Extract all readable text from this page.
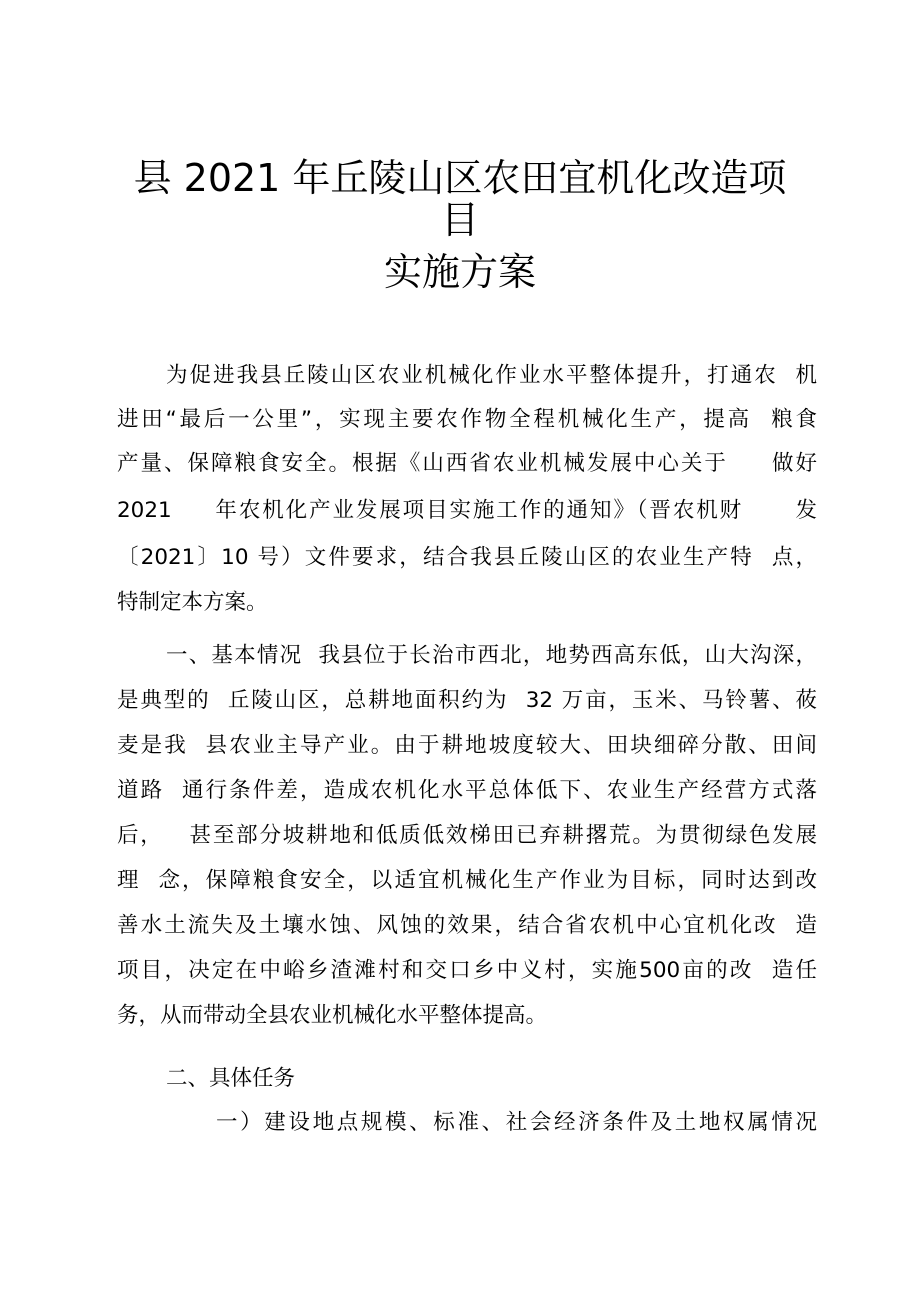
县 2021 年丘陵山区农田宜机化改造项
目
实施方案
为促进我县丘陵山区农业机械化作业水平整体提升，打通农  机
进田“最后一公里”，实现主要农作物全程机械化生产，提高  粮食
产量、保障粮食安全。根据《山西省农业机械发展中心关于     做好
2021     年农机化产业发展项目实施工作的通知》（晋农机财      发
〔2021〕10 号）文件要求，结合我县丘陵山区的农业生产特  点，
特制定本方案。
一、基本情况  我县位于长治市西北，地势西高东低，山大沟深，
是典型的  丘陵山区，总耕地面积约为  32 万亩，玉米、马铃薯、莜
麦是我  县农业主导产业。由于耕地坡度较大、田块细碎分散、田间
道路  通行条件差，造成农机化水平总体低下、农业生产经营方式落
后，   甚至部分坡耕地和低质低效梯田已弃耕撂荒。为贯彻绿色发展
理  念，保障粮食安全，以适宜机械化生产作业为目标，同时达到改
善水土流失及土壤水蚀、风蚀的效果，结合省农机中心宜机化改  造
项目，决定在中峪乡渣滩村和交口乡中义村，实施500亩的改  造任
务，从而带动全县农业机械化水平整体提高。
二、具体任务
一）建设地点规模、标准、社会经济条件及土地权属情况
